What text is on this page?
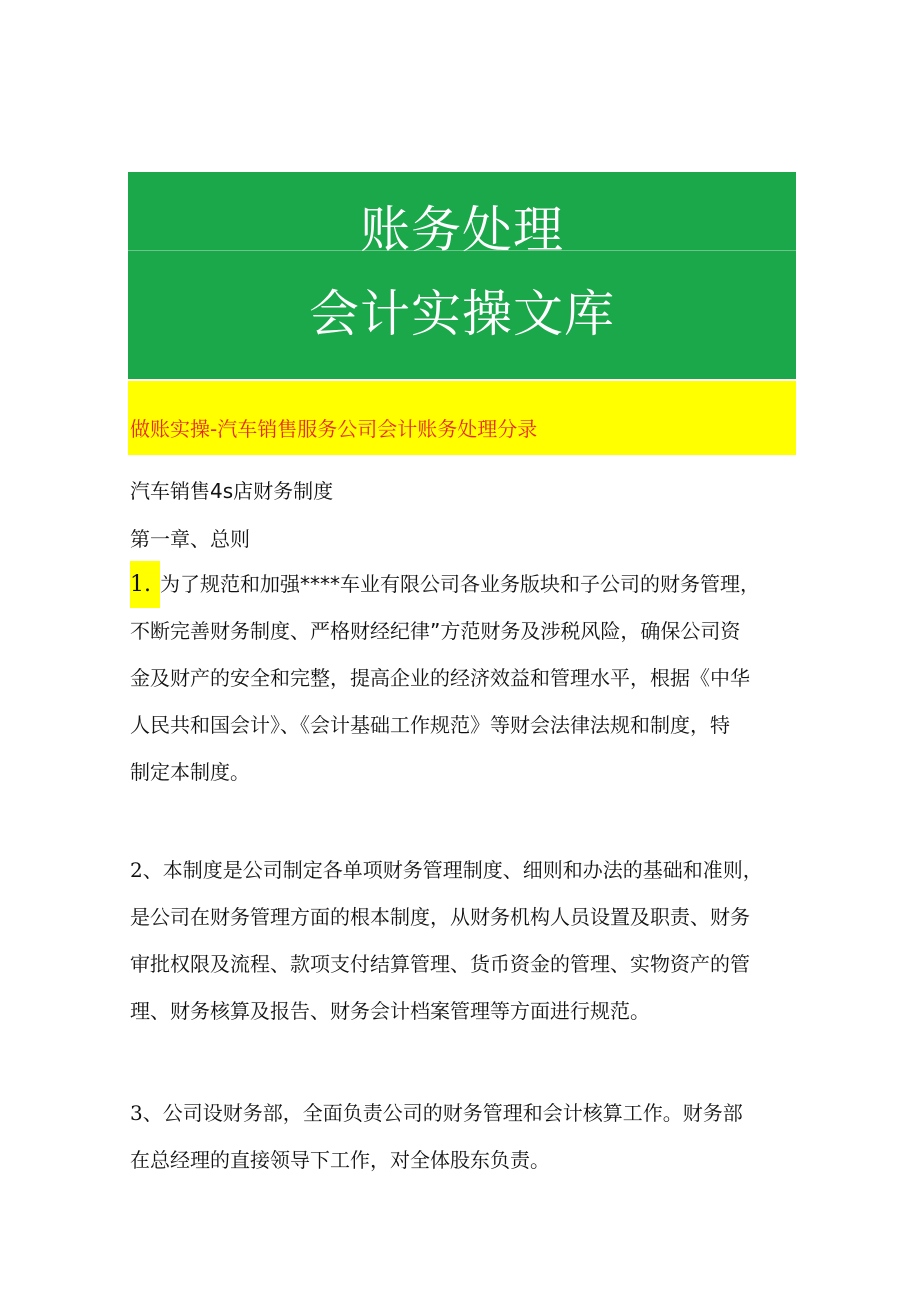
账务处理
会计实操文库
做账实操-汽车销售服务公司会计账务处理分录
汽车销售4s店财务制度
第一章、总则
1. 为了规范和加强****车业有限公司各业务版块和子公司的财务管理，
不断完善财务制度、严格财经纪律”方范财务及涉税风险，确保公司资
金及财产的安全和完整，提高企业的经济效益和管理水平，根据《中华
人民共和国会计》、《会计基础工作规范》等财会法律法规和制度，特
制定本制度。
2、本制度是公司制定各单项财务管理制度、细则和办法的基础和准则，
是公司在财务管理方面的根本制度，从财务机构人员设置及职责、财务
审批权限及流程、款项支付结算管理、货币资金的管理、实物资产的管
理、财务核算及报告、财务会计档案管理等方面进行规范。
3、公司设财务部，全面负责公司的财务管理和会计核算工作。财务部
在总经理的直接领导下工作，对全体股东负责。
